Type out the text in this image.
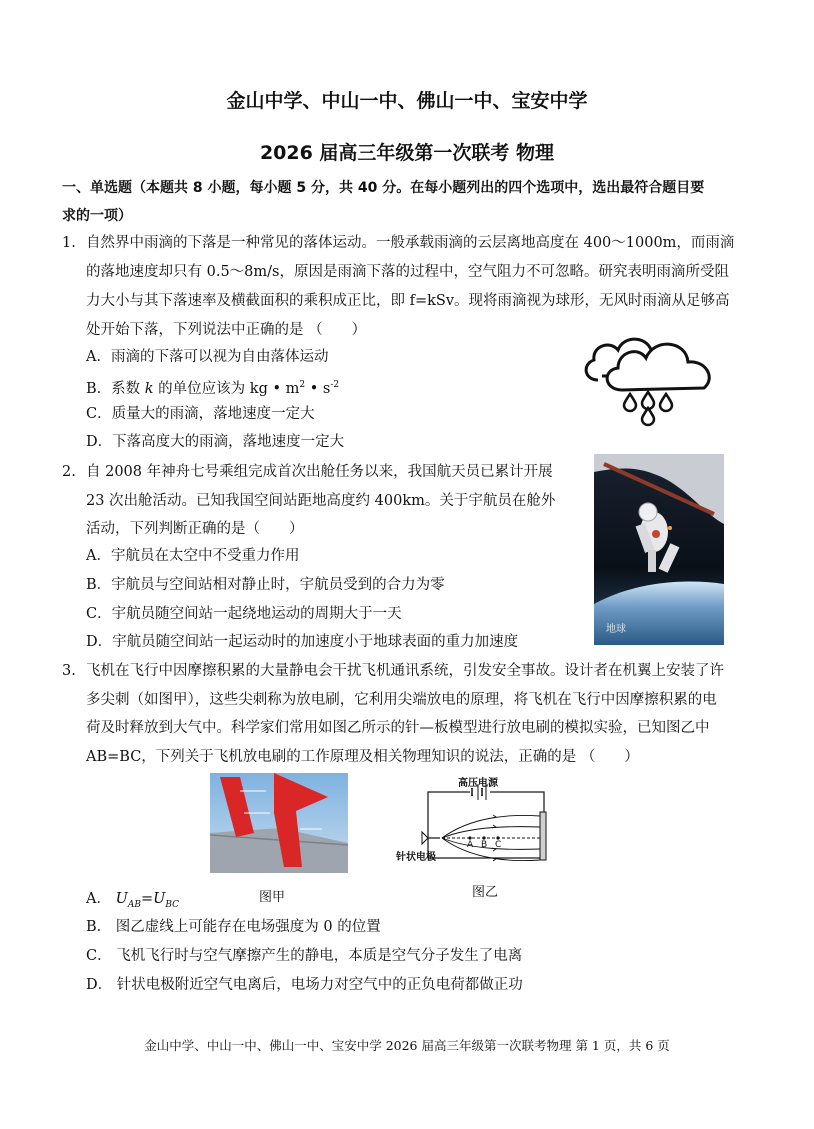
金山中学、中山一中、佛山一中、宝安中学
2026 届高三年级第一次联考 物理
一、单选题（本题共 8 小题，每小题 5 分，共 40 分。在每小题列出的四个选项中，选出最符合题目要
求的一项）
1. 自然界中雨滴的下落是一种常见的落体运动。一般承载雨滴的云层离地高度在 400～1000m，而雨滴
的落地速度却只有 0.5～8m/s，原因是雨滴下落的过程中，空气阻力不可忽略。研究表明雨滴所受阻
力大小与其下落速率及横截面积的乘积成正比，即 f=kSv。现将雨滴视为球形，无风时雨滴从足够高
处开始下落，下列说法中正确的是 （　　）
A．雨滴的下落可以视为自由落体运动
B．系数 k 的单位应该为 kg • $m^2$ • $s^{-2}$
C．质量大的雨滴，落地速度一定大
D．下落高度大的雨滴，落地速度一定大
2. 自 2008 年神舟七号乘组完成首次出舱任务以来，我国航天员已累计开展
23 次出舱活动。已知我国空间站距地高度约 400km。关于宇航员在舱外
活动，下列判断正确的是（　　）
A．宇航员在太空中不受重力作用
B．宇航员与空间站相对静止时，宇航员受到的合力为零
C．宇航员随空间站一起绕地运动的周期大于一天
D．宇航员随空间站一起运动时的加速度小于地球表面的重力加速度
地球
3. 飞机在飞行中因摩擦积累的大量静电会干扰飞机通讯系统，引发安全事故。设计者在机翼上安装了许
多尖刺（如图甲），这些尖刺称为放电刷，它利用尖端放电的原理，将飞机在飞行中因摩擦积累的电
荷及时释放到大气中。科学家们常用如图乙所示的针—板模型进行放电刷的模拟实验，已知图乙中
AB=BC，下列关于飞机放电刷的工作原理及相关物理知识的说法，正确的是 （　　）
图甲
高压电源
针状电极
A B C
图乙
A． $U_{AB}=U_{BC}$
B． 图乙虚线上可能存在电场强度为 0 的位置
C． 飞机飞行时与空气摩擦产生的静电，本质是空气分子发生了电离
D． 针状电极附近空气电离后，电场力对空气中的正负电荷都做正功
金山中学、中山一中、佛山一中、宝安中学 2026 届高三年级第一次联考物理 第 1 页，共 6 页
